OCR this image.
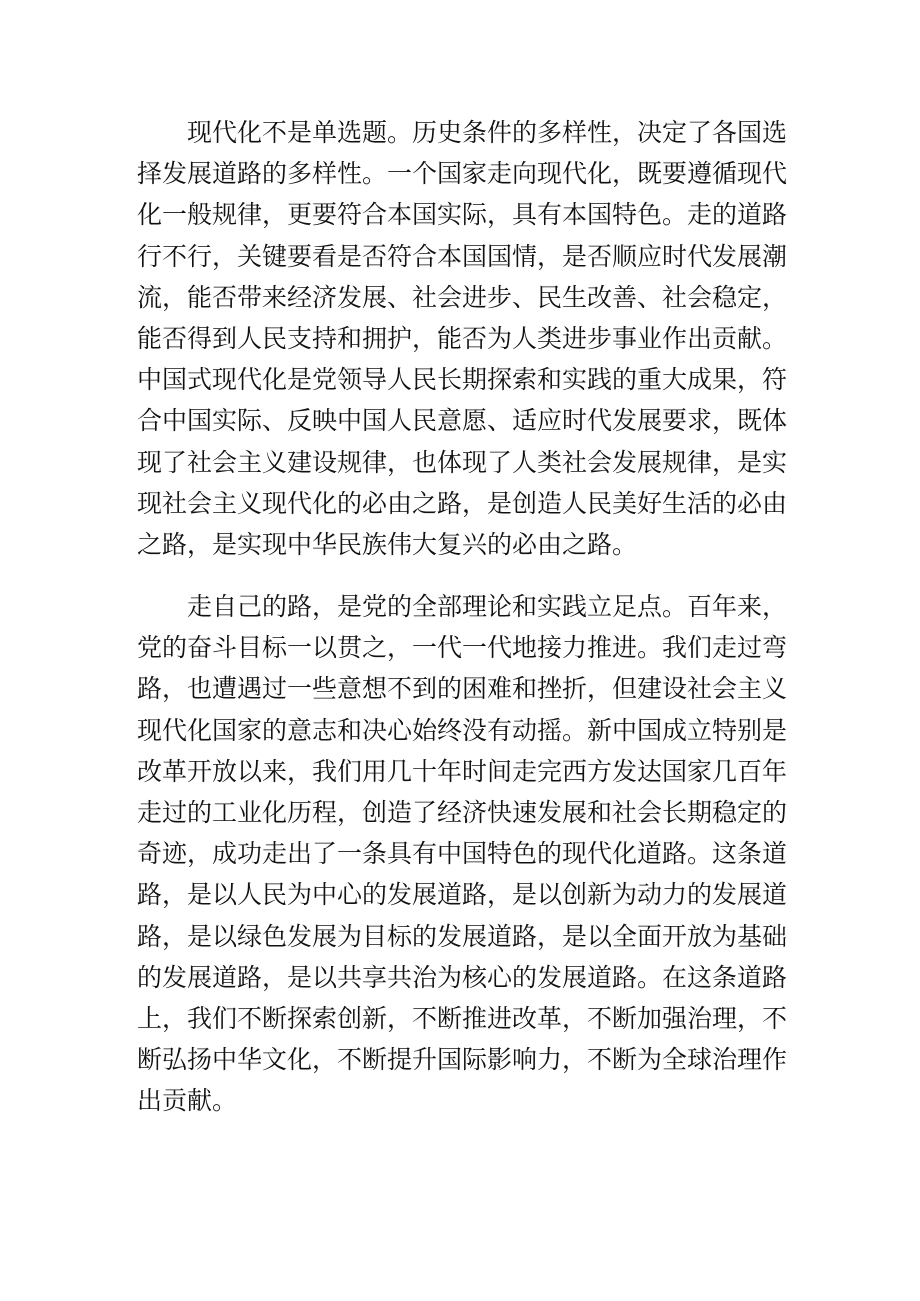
现代化不是单选题。历史条件的多样性，决定了各国选择发展道路的多样性。一个国家走向现代化，既要遵循现代化一般规律，更要符合本国实际，具有本国特色。走的道路行不行，关键要看是否符合本国国情，是否顺应时代发展潮流，能否带来经济发展、社会进步、民生改善、社会稳定，能否得到人民支持和拥护，能否为人类进步事业作出贡献。中国式现代化是党领导人民长期探索和实践的重大成果，符合中国实际、反映中国人民意愿、适应时代发展要求，既体现了社会主义建设规律，也体现了人类社会发展规律，是实现社会主义现代化的必由之路，是创造人民美好生活的必由之路，是实现中华民族伟大复兴的必由之路。

走自己的路，是党的全部理论和实践立足点。百年来，党的奋斗目标一以贯之，一代一代地接力推进。我们走过弯路，也遭遇过一些意想不到的困难和挫折，但建设社会主义现代化国家的意志和决心始终没有动摇。新中国成立特别是改革开放以来，我们用几十年时间走完西方发达国家几百年走过的工业化历程，创造了经济快速发展和社会长期稳定的奇迹，成功走出了一条具有中国特色的现代化道路。这条道路，是以人民为中心的发展道路，是以创新为动力的发展道路，是以绿色发展为目标的发展道路，是以全面开放为基础的发展道路，是以共享共治为核心的发展道路。在这条道路上，我们不断探索创新，不断推进改革，不断加强治理，不断弘扬中华文化，不断提升国际影响力，不断为全球治理作出贡献。
